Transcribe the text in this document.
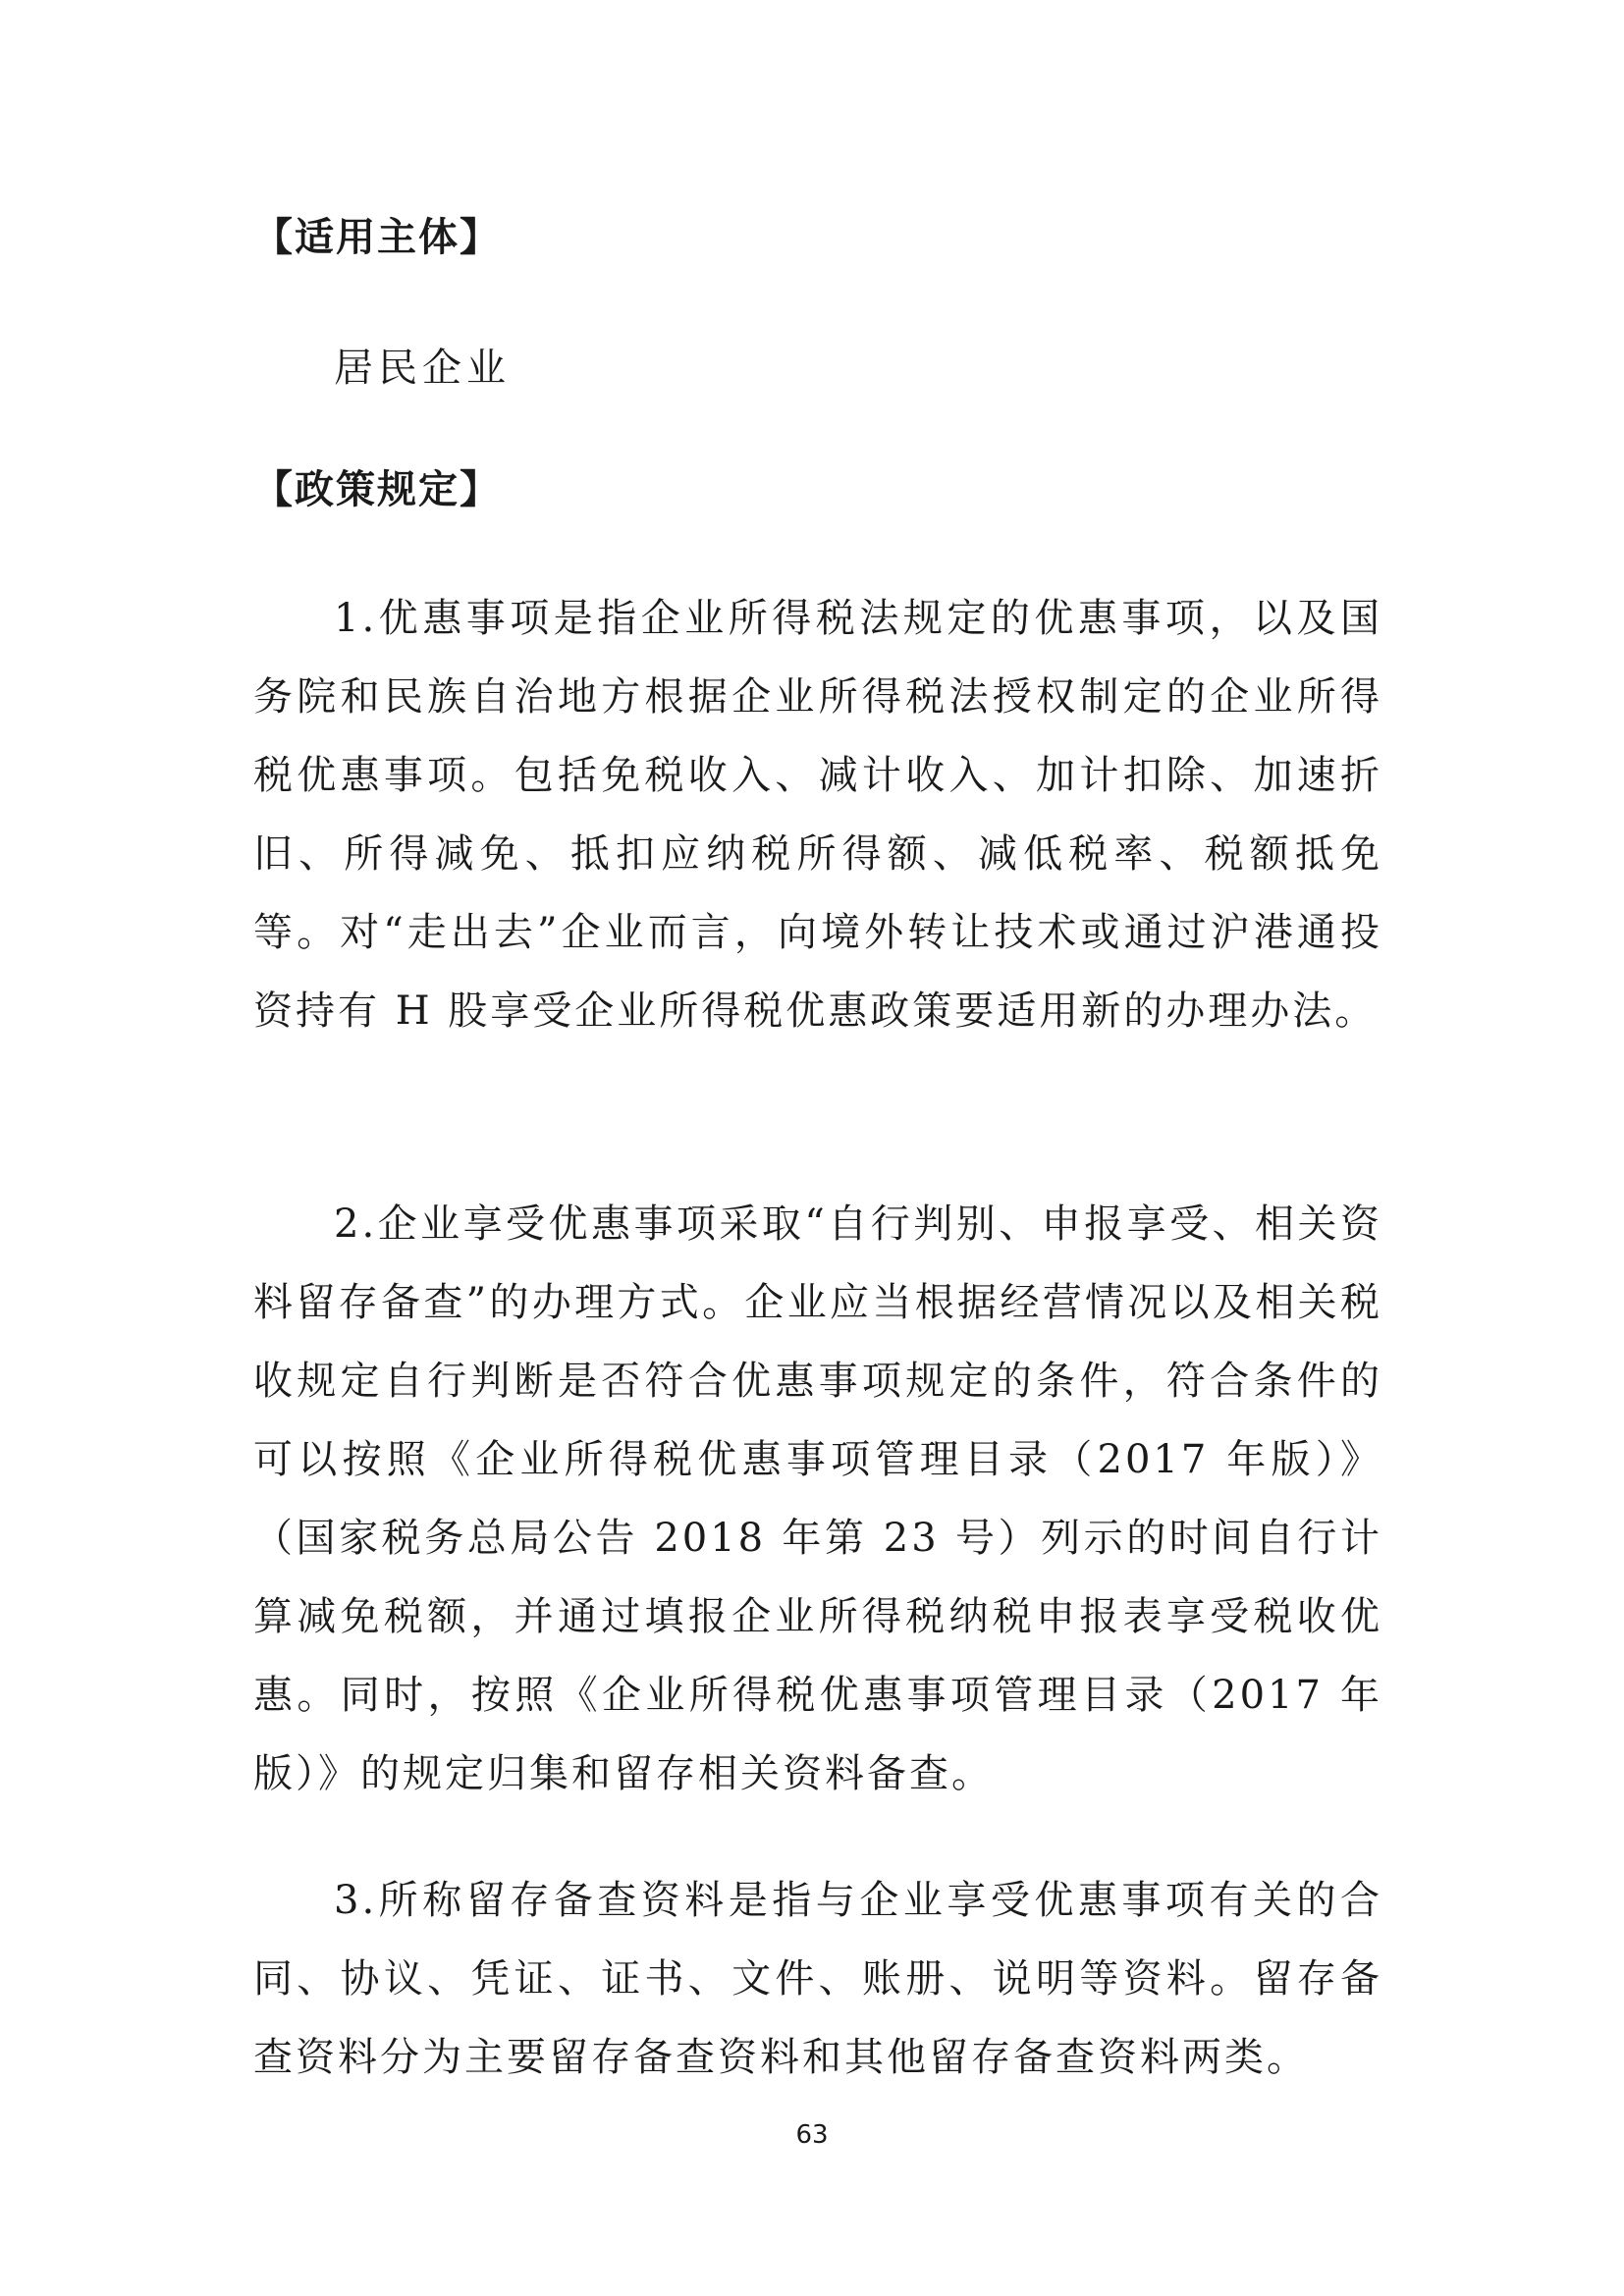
【适用主体】

居民企业

【政策规定】

1.优惠事项是指企业所得税法规定的优惠事项，以及国务院和民族自治地方根据企业所得税法授权制定的企业所得税优惠事项。包括免税收入、减计收入、加计扣除、加速折旧、所得减免、抵扣应纳税所得额、减低税率、税额抵免等。对“走出去”企业而言，向境外转让技术或通过沪港通投资持有 H 股享受企业所得税优惠政策要适用新的办理办法。

2.企业享受优惠事项采取“自行判别、申报享受、相关资料留存备查”的办理方式。企业应当根据经营情况以及相关税收规定自行判断是否符合优惠事项规定的条件，符合条件的可以按照《企业所得税优惠事项管理目录（2017 年版）》（国家税务总局公告 2018 年第 23 号）列示的时间自行计算减免税额，并通过填报企业所得税纳税申报表享受税收优惠。同时，按照《企业所得税优惠事项管理目录（2017 年版）》的规定归集和留存相关资料备查。

3.所称留存备查资料是指与企业享受优惠事项有关的合同、协议、凭证、证书、文件、账册、说明等资料。留存备查资料分为主要留存备查资料和其他留存备查资料两类。

63
